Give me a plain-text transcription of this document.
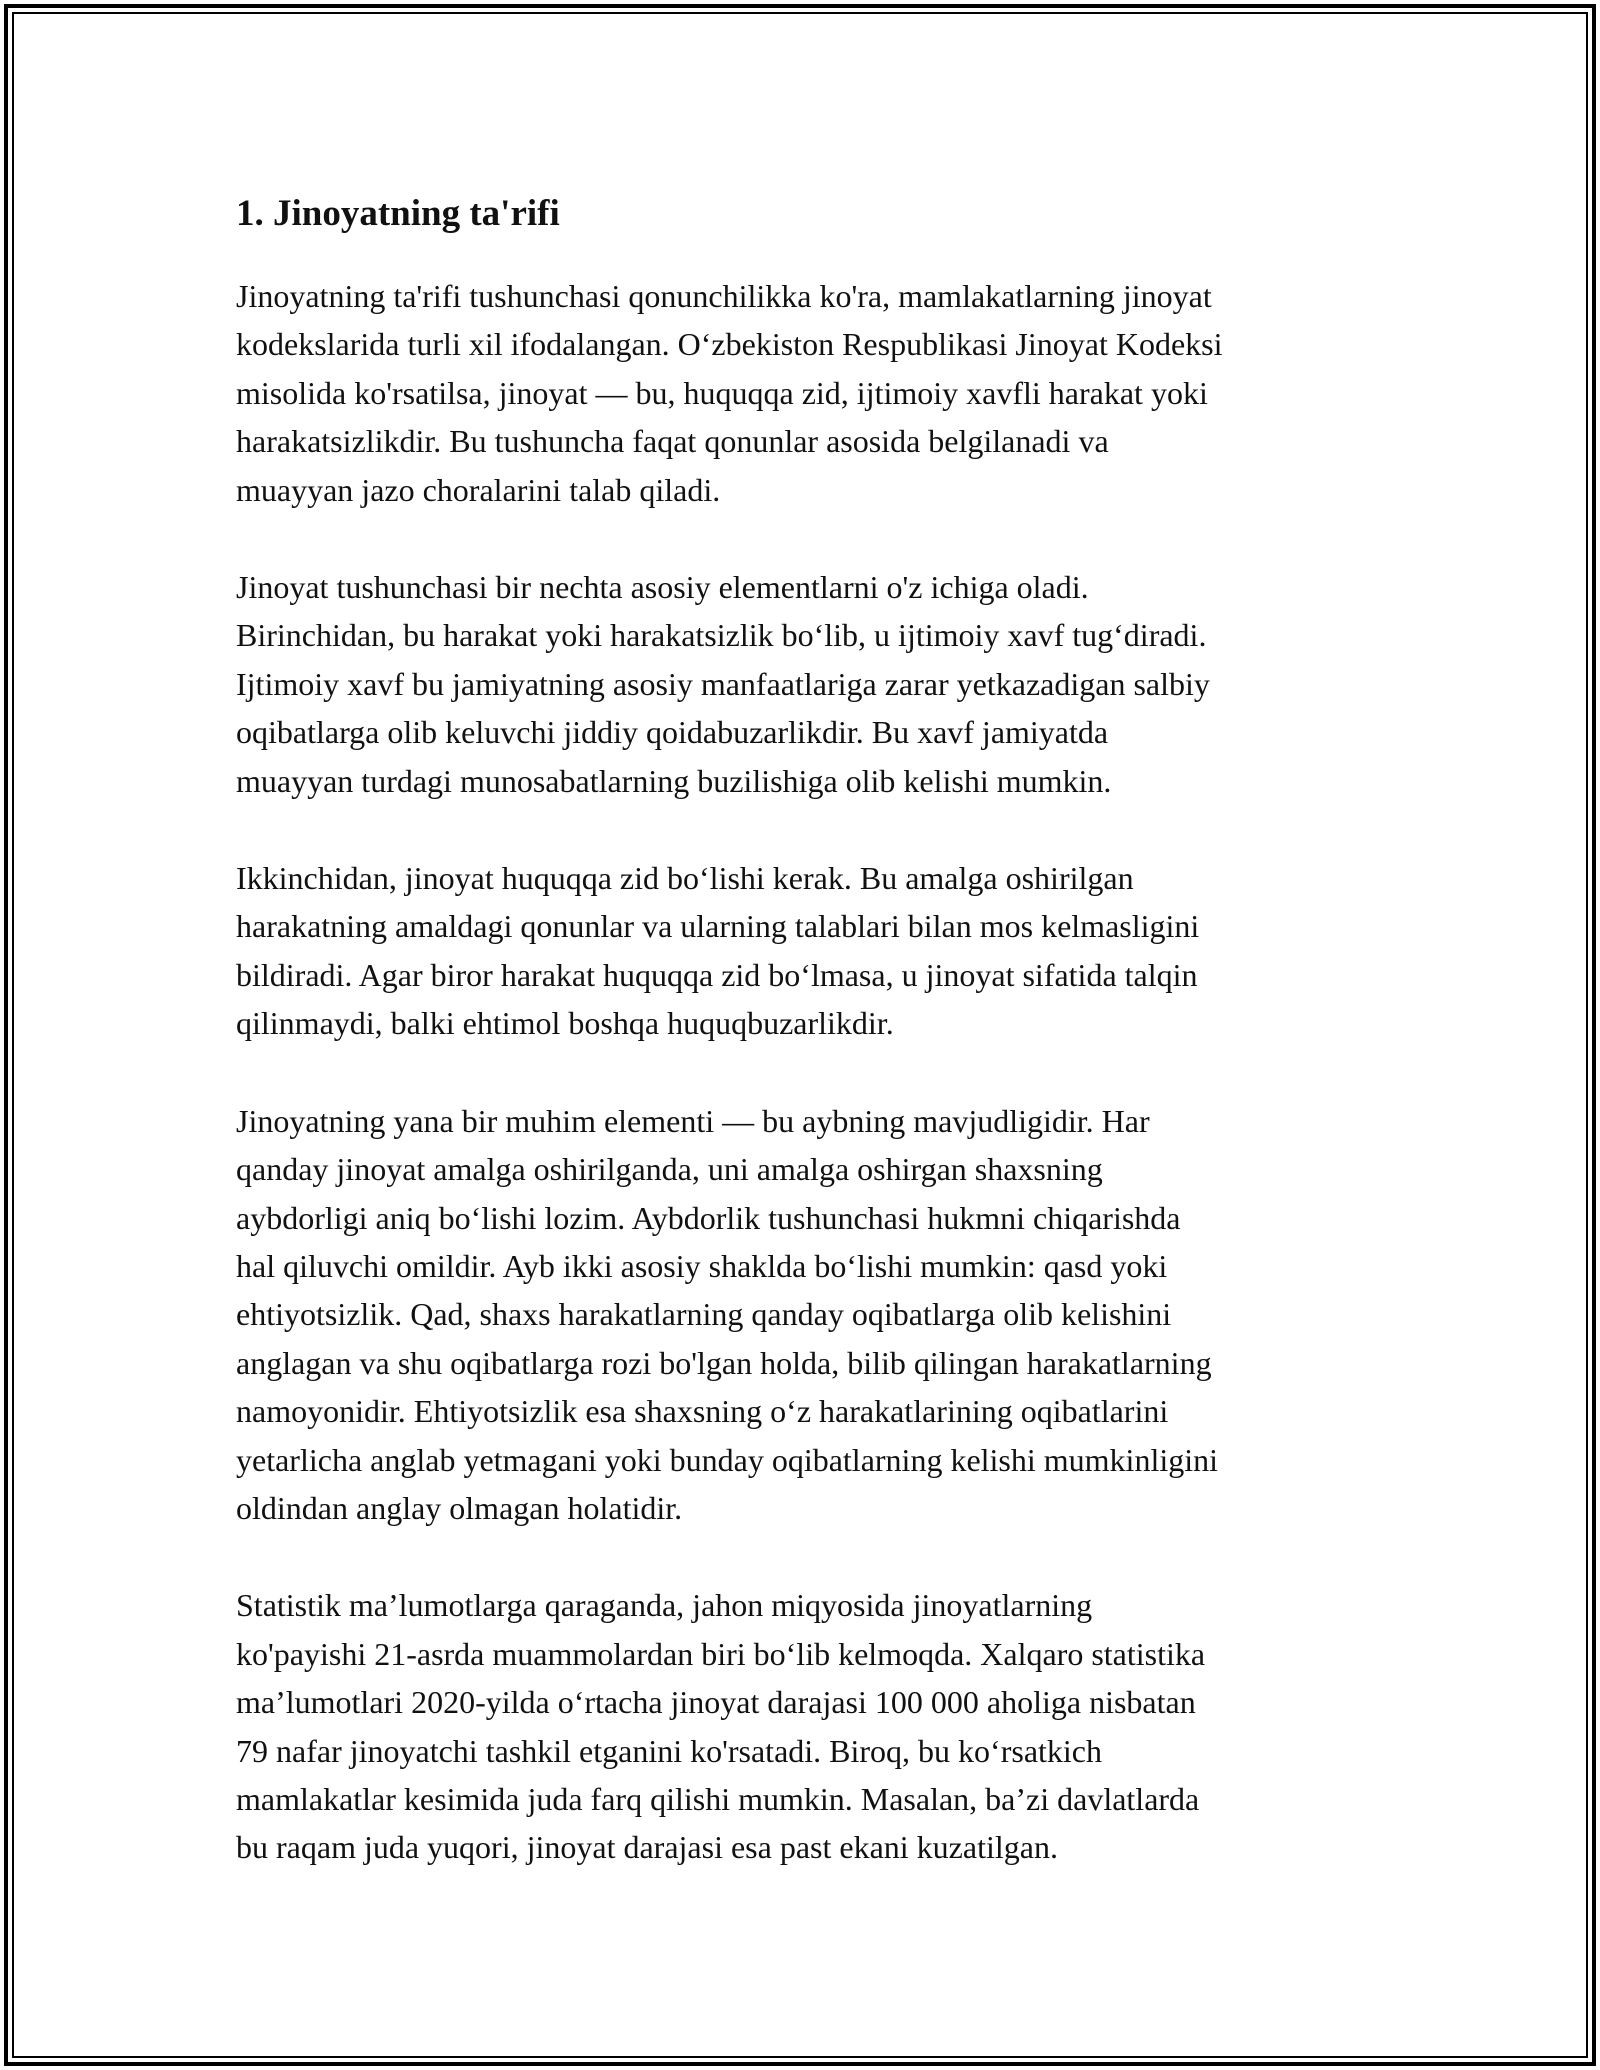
1. Jinoyatning ta'rifi

Jinoyatning ta'rifi tushunchasi qonunchilikka ko'ra, mamlakatlarning jinoyat
kodekslarida turli xil ifodalangan. O‘zbekiston Respublikasi Jinoyat Kodeksi
misolida ko'rsatilsa, jinoyat — bu, huquqqa zid, ijtimoiy xavfli harakat yoki
harakatsizlikdir. Bu tushuncha faqat qonunlar asosida belgilanadi va
muayyan jazo choralarini talab qiladi.

Jinoyat tushunchasi bir nechta asosiy elementlarni o'z ichiga oladi.
Birinchidan, bu harakat yoki harakatsizlik bo‘lib, u ijtimoiy xavf tug‘diradi.
Ijtimoiy xavf bu jamiyatning asosiy manfaatlariga zarar yetkazadigan salbiy
oqibatlarga olib keluvchi jiddiy qoidabuzarlikdir. Bu xavf jamiyatda
muayyan turdagi munosabatlarning buzilishiga olib kelishi mumkin.

Ikkinchidan, jinoyat huquqqa zid bo‘lishi kerak. Bu amalga oshirilgan
harakatning amaldagi qonunlar va ularning talablari bilan mos kelmasligini
bildiradi. Agar biror harakat huquqqa zid bo‘lmasa, u jinoyat sifatida talqin
qilinmaydi, balki ehtimol boshqa huquqbuzarlikdir.

Jinoyatning yana bir muhim elementi — bu aybning mavjudligidir. Har
qanday jinoyat amalga oshirilganda, uni amalga oshirgan shaxsning
aybdorligi aniq bo‘lishi lozim. Aybdorlik tushunchasi hukmni chiqarishda
hal qiluvchi omildir. Ayb ikki asosiy shaklda bo‘lishi mumkin: qasd yoki
ehtiyotsizlik. Qad, shaxs harakatlarning qanday oqibatlarga olib kelishini
anglagan va shu oqibatlarga rozi bo'lgan holda, bilib qilingan harakatlarning
namoyonidir. Ehtiyotsizlik esa shaxsning o‘z harakatlarining oqibatlarini
yetarlicha anglab yetmagani yoki bunday oqibatlarning kelishi mumkinligini
oldindan anglay olmagan holatidir.

Statistik ma’lumotlarga qaraganda, jahon miqyosida jinoyatlarning
ko'payishi 21-asrda muammolardan biri bo‘lib kelmoqda. Xalqaro statistika
ma’lumotlari 2020-yilda o‘rtacha jinoyat darajasi 100 000 aholiga nisbatan
79 nafar jinoyatchi tashkil etganini ko'rsatadi. Biroq, bu ko‘rsatkich
mamlakatlar kesimida juda farq qilishi mumkin. Masalan, ba’zi davlatlarda
bu raqam juda yuqori, jinoyat darajasi esa past ekani kuzatilgan.
